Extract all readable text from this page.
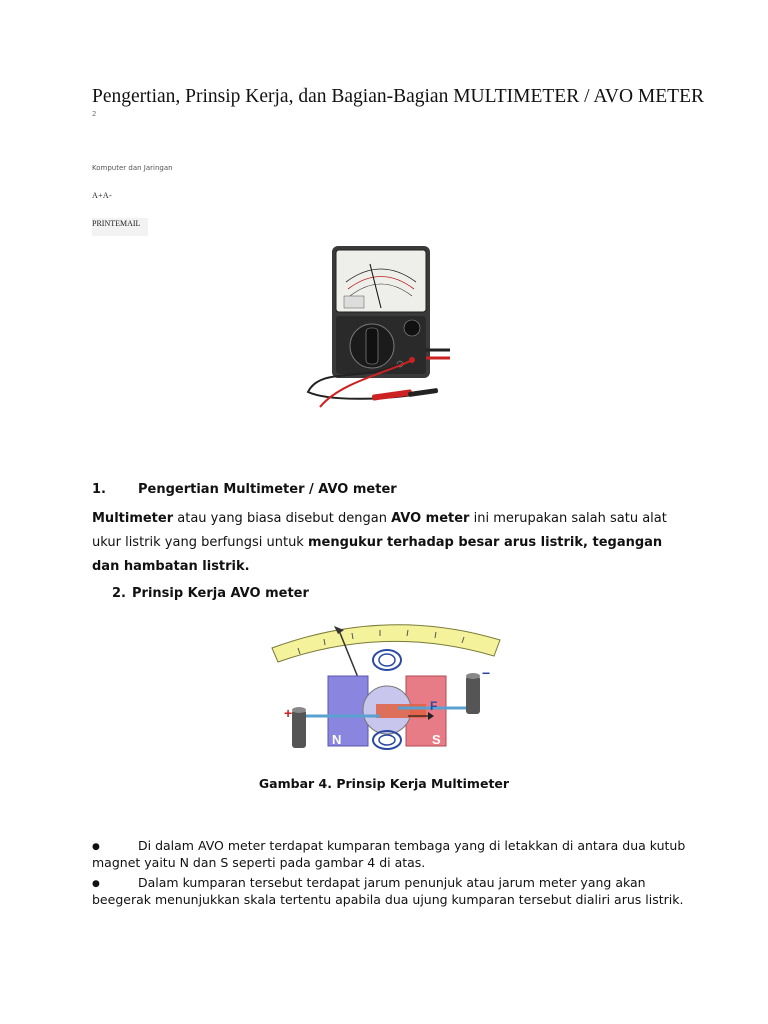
Pengertian, Prinsip Kerja, dan Bagian-Bagian MULTIMETER / AVO METER
2
Komputer dan Jaringan
A+A-
PRINTEMAIL
1. Pengertian Multimeter / AVO meter
Multimeter atau yang biasa disebut dengan AVO meter ini merupakan salah satu alat ukur listrik yang berfungsi untuk mengukur terhadap besar arus listrik, tegangan dan hambatan listrik.
2. Prinsip Kerja AVO meter
+
−
N	S
F
Gambar 4. Prinsip Kerja Multimeter
●	Di dalam AVO meter terdapat kumparan tembaga yang di letakkan di antara dua kutub magnet yaitu N dan S seperti pada gambar 4 di atas.
●	Dalam kumparan tersebut terdapat jarum penunjuk atau jarum meter yang akan beegerak menunjukkan skala tertentu apabila dua ujung kumparan tersebut dialiri arus listrik.
